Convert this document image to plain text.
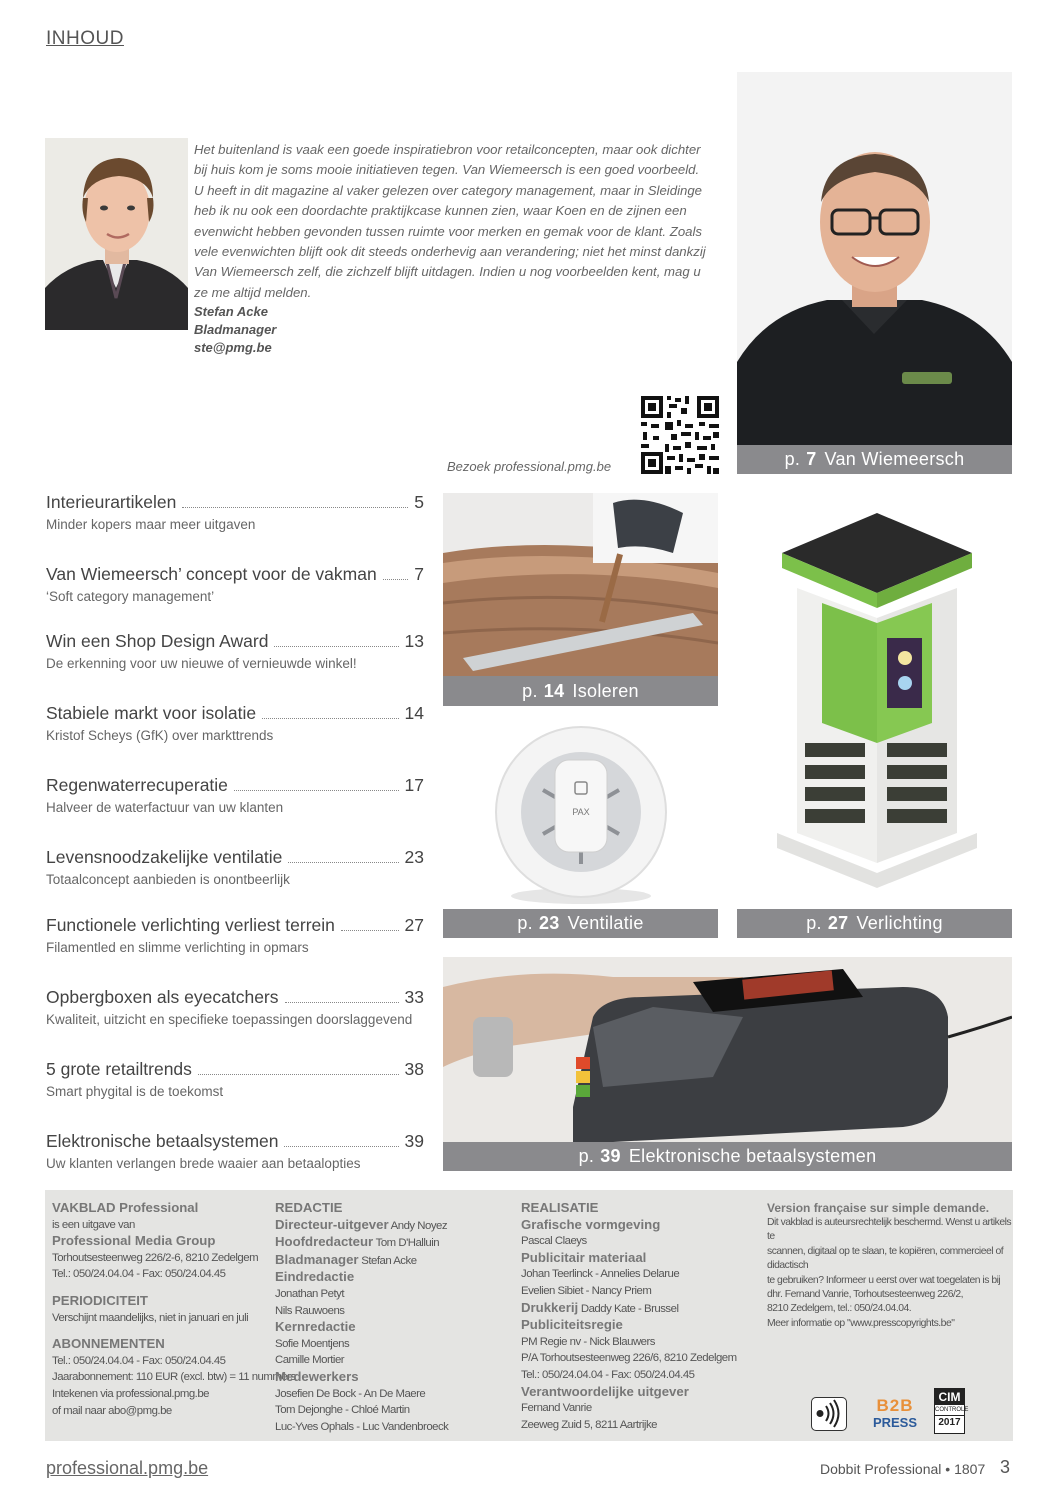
INHOUD
Het buitenland is vaak een goede inspiratiebron voor retailconcepten, maar ook dichter
bij huis kom je soms mooie initiatieven tegen. Van Wiemeersch is een goed voorbeeld.
U heeft in dit magazine al vaker gelezen over category management, maar in Sleidinge
heb ik nu ook een doordachte praktijkcase kunnen zien, waar Koen en de zijnen een
evenwicht hebben gevonden tussen ruimte voor merken en gemak voor de klant. Zoals
vele evenwichten blijft ook dit steeds onderhevig aan verandering; niet het minst dankzij
Van Wiemeersch zelf, die zichzelf blijft uitdagen. Indien u nog voorbeelden kent, mag u
ze me altijd melden.
Stefan Acke
Bladmanager
ste@pmg.be
Bezoek professional.pmg.be	p. 7 Van Wiemeersch
Interieurartikelen	5
Minder kopers maar meer uitgaven
Van Wiemeersch’ concept voor de vakman 7
‘Soft category management’
Win een Shop Design Award	13
De erkenning voor uw nieuwe of vernieuwde winkel!
Stabiele markt voor isolatie	14
Kristof Scheys (GfK) over markttrends
Regenwaterrecuperatie	17
Halveer de waterfactuur van uw klanten
Levensnoodzakelijke ventilatie	23
Totaalconcept aanbieden is onontbeerlijk
Functionele verlichting verliest terrein	27
Filamentled en slimme verlichting in opmars
Opbergboxen als eyecatchers	33
Kwaliteit, uitzicht en specifieke toepassingen doorslaggevend
5 grote retailtrends	38
Smart phygital is de toekomst
Elektronische betaalsystemen	39
Uw klanten verlangen brede waaier aan betaalopties
p. 14 Isoleren
PAX
p. 23 Ventilatie	p. 27 Verlichting
p. 39 Elektronische betaalsystemen
VAKBLAD Professional
is een uitgave van
Professional Media Group
Torhoutsesteenweg 226/2-6, 8210 Zedelgem
Tel.: 050/24.04.04 - Fax: 050/24.04.45
PERIODICITEIT
Verschijnt maandelijks, niet in januari en juli
ABONNEMENTEN
Tel.: 050/24.04.04 - Fax: 050/24.04.45
Jaarabonnement: 110 EUR (excl. btw) = 11 nummers
Intekenen via professional.pmg.be
of mail naar abo@pmg.be
REDACTIE
Directeur-uitgever Andy Noyez
Hoofdredacteur Tom D'Halluin
Bladmanager Stefan Acke
Eindredactie
Jonathan Petyt
Nils Rauwoens
Kernredactie
Sofie Moentjens
Camille Mortier
Medewerkers
Josefien De Bock - An De Maere
Tom Dejonghe - Chloé Martin
Luc-Yves Ophals - Luc Vandenbroeck
REALISATIE
Grafische vormgeving
Pascal Claeys
Publicitair materiaal
Johan Teerlinck - Annelies Delarue
Evelien Sibiet - Nancy Priem
Drukkerij Daddy Kate - Brussel
Publiciteitsregie
PM Regie nv - Nick Blauwers
P/A Torhoutsesteenweg 226/6, 8210 Zedelgem
Tel.: 050/24.04.04 - Fax: 050/24.04.45
Verantwoordelijke uitgever
Fernand Vanrie
Zeeweg Zuid 5, 8211 Aartrijke
Version française sur simple demande.
Dit vakblad is auteursrechtelijk beschermd. Wenst u artikels te
scannen, digitaal op te slaan, te kopiëren, commercieel of didactisch
te gebruiken? Informeer u eerst over wat toegelaten is bij
dhr. Fernand Vanrie, Torhoutsesteenweg 226/2,
8210 Zedelgem, tel.: 050/24.04.04.
Meer informatie op "www.presscopyrights.be"
B2B
PRESS
CIM
CONTROLE
2017
professional.pmg.be	Dobbit Professional • 1807 3
